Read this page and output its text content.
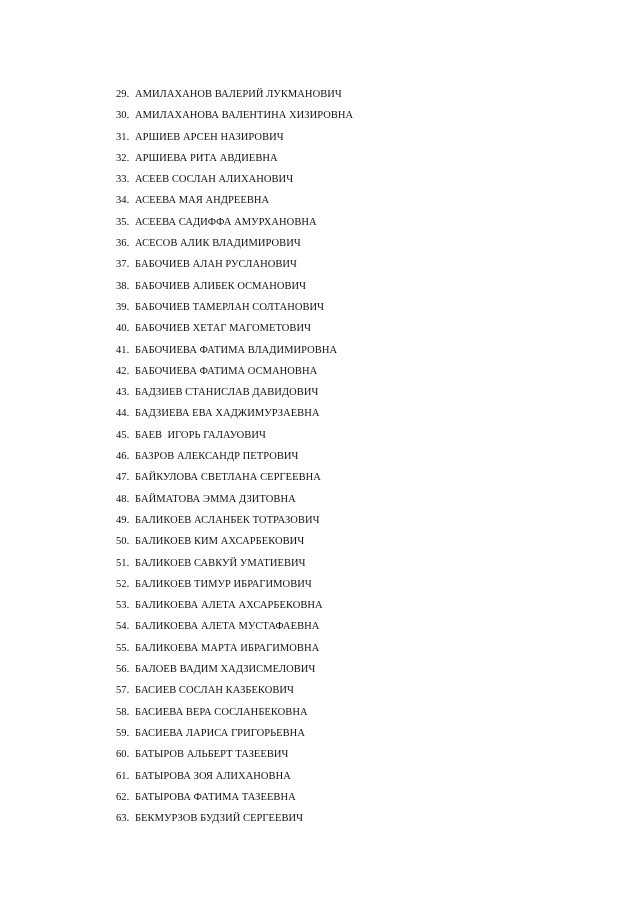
29. АМИЛАХАНОВ ВАЛЕРИЙ ЛУКМАНОВИЧ
30. АМИЛАХАНОВА ВАЛЕНТИНА ХИЗИРОВНА
31. АРШИЕВ АРСЕН НАЗИРОВИЧ
32. АРШИЕВА РИТА АВДИЕВНА
33. АСЕЕВ СОСЛАН АЛИХАНОВИЧ
34. АСЕЕВА МАЯ АНДРЕЕВНА
35. АСЕЕВА САДИФФА АМУРХАНОВНА
36. АСЕСОВ АЛИК ВЛАДИМИРОВИЧ
37. БАБОЧИЕВ АЛАН РУСЛАНОВИЧ
38. БАБОЧИЕВ АЛИБЕК ОСМАНОВИЧ
39. БАБОЧИЕВ ТАМЕРЛАН СОЛТАНОВИЧ
40. БАБОЧИЕВ ХЕТАГ МАГОМЕТОВИЧ
41. БАБОЧИЕВА ФАТИМА ВЛАДИМИРОВНА
42. БАБОЧИЕВА ФАТИМА ОСМАНОВНА
43. БАДЗИЕВ СТАНИСЛАВ ДАВИДОВИЧ
44. БАДЗИЕВА ЕВА ХАДЖИМУРЗАЕВНА
45. БАЕВ  ИГОРЬ ГАЛАУОВИЧ
46. БАЗРОВ АЛЕКСАНДР ПЕТРОВИЧ
47. БАЙКУЛОВА СВЕТЛАНА СЕРГЕЕВНА
48. БАЙМАТОВА ЭММА ДЗИТОВНА
49. БАЛИКОЕВ АСЛАНБЕК ТОТРАЗОВИЧ
50. БАЛИКОЕВ КИМ АХСАРБЕКОВИЧ
51. БАЛИКОЕВ САВКУЙ УМАТИЕВИЧ
52. БАЛИКОЕВ ТИМУР ИБРАГИМОВИЧ
53. БАЛИКОЕВА АЛЕТА АХСАРБЕКОВНА
54. БАЛИКОЕВА АЛЕТА МУСТАФАЕВНА
55. БАЛИКОЕВА МАРТА ИБРАГИМОВНА
56. БАЛОЕВ ВАДИМ ХАДЗИСМЕЛОВИЧ
57. БАСИЕВ СОСЛАН КАЗБЕКОВИЧ
58. БАСИЕВА ВЕРА СОСЛАНБЕКОВНА
59. БАСИЕВА ЛАРИСА ГРИГОРЬЕВНА
60. БАТЫРОВ АЛЬБЕРТ ТАЗЕЕВИЧ
61. БАТЫРОВА ЗОЯ АЛИХАНОВНА
62. БАТЫРОВА ФАТИМА ТАЗЕЕВНА
63. БЕКМУРЗОВ БУДЗИЙ СЕРГЕЕВИЧ
